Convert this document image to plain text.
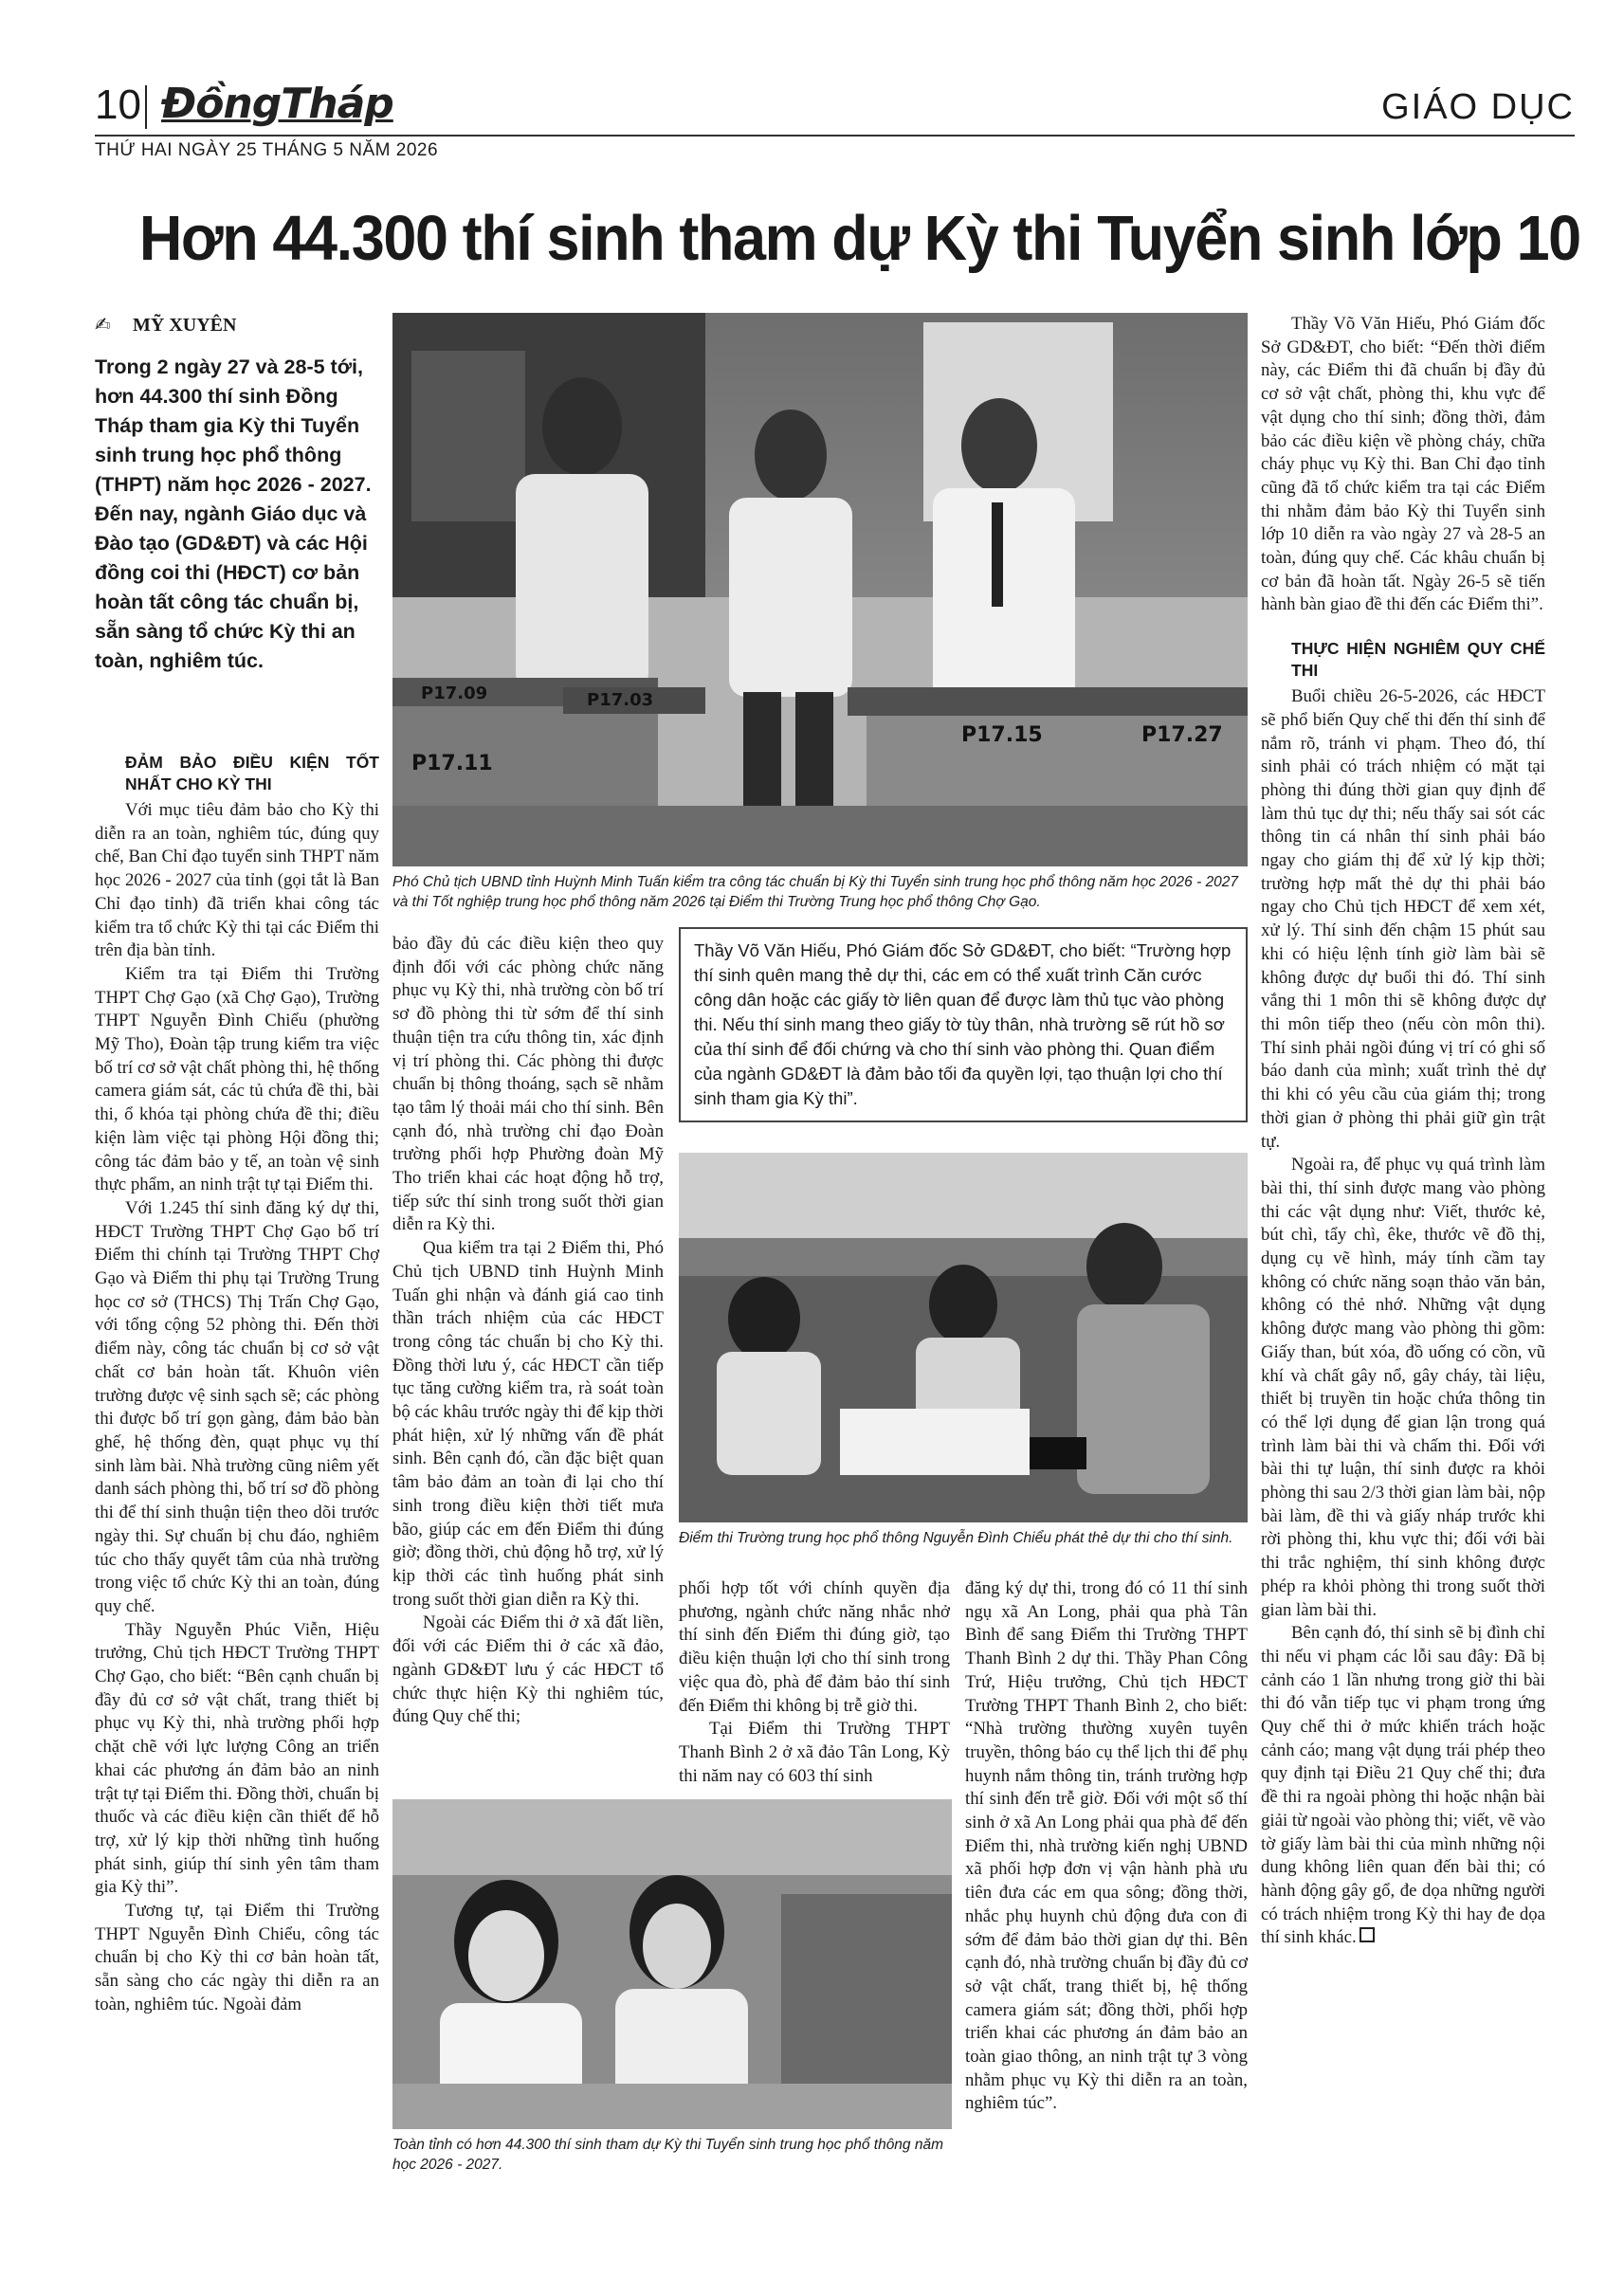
10 ĐồngTháp	GIÁO DỤC
THỨ HAI NGÀY 25 THÁNG 5 NĂM 2026
Hơn 44.300 thí sinh tham dự Kỳ thi Tuyển sinh lớp 10
✍ MỸ XUYÊN
Trong 2 ngày 27 và 28-5 tới, hơn 44.300 thí sinh Đồng Tháp tham gia Kỳ thi Tuyển sinh trung học phổ thông (THPT) năm học 2026 - 2027. Đến nay, ngành Giáo dục và Đào tạo (GD&ĐT) và các Hội đồng coi thi (HĐCT) cơ bản hoàn tất công tác chuẩn bị, sẵn sàng tổ chức Kỳ thi an toàn, nghiêm túc.
ĐẢM BẢO ĐIỀU KIỆN TỐT NHẤT CHO KỲ THI

Với mục tiêu đảm bảo cho Kỳ thi diễn ra an toàn, nghiêm túc, đúng quy chế, Ban Chỉ đạo tuyển sinh THPT năm học 2026 - 2027 của tỉnh (gọi tắt là Ban Chỉ đạo tỉnh) đã triển khai công tác kiểm tra tổ chức Kỳ thi tại các Điểm thi trên địa bàn tỉnh.

Kiểm tra tại Điểm thi Trường THPT Chợ Gạo (xã Chợ Gạo), Trường THPT Nguyễn Đình Chiểu (phường Mỹ Tho), Đoàn tập trung kiểm tra việc bố trí cơ sở vật chất phòng thi, hệ thống camera giám sát, các tủ chứa đề thi, bài thi, ổ khóa tại phòng chứa đề thi; điều kiện làm việc tại phòng Hội đồng thi; công tác đảm bảo y tế, an toàn vệ sinh thực phẩm, an ninh trật tự tại Điểm thi.

Với 1.245 thí sinh đăng ký dự thi, HĐCT Trường THPT Chợ Gạo bố trí Điểm thi chính tại Trường THPT Chợ Gạo và Điểm thi phụ tại Trường Trung học cơ sở (THCS) Thị Trấn Chợ Gạo, với tổng cộng 52 phòng thi. Đến thời điểm này, công tác chuẩn bị cơ sở vật chất cơ bản hoàn tất. Khuôn viên trường được vệ sinh sạch sẽ; các phòng thi được bố trí gọn gàng, đảm bảo bàn ghế, hệ thống đèn, quạt phục vụ thí sinh làm bài. Nhà trường cũng niêm yết danh sách phòng thi, bố trí sơ đồ phòng thi để thí sinh thuận tiện theo dõi trước ngày thi. Sự chuẩn bị chu đáo, nghiêm túc cho thấy quyết tâm của nhà trường trong việc tổ chức Kỳ thi an toàn, đúng quy chế.

Thầy Nguyễn Phúc Viễn, Hiệu trưởng, Chủ tịch HĐCT Trường THPT Chợ Gạo, cho biết: “Bên cạnh chuẩn bị đầy đủ cơ sở vật chất, trang thiết bị phục vụ Kỳ thi, nhà trường phối hợp chặt chẽ với lực lượng Công an triển khai các phương án đảm bảo an ninh trật tự tại Điểm thi. Đồng thời, chuẩn bị thuốc và các điều kiện cần thiết để hỗ trợ, xử lý kịp thời những tình huống phát sinh, giúp thí sinh yên tâm tham gia Kỳ thi”.

Tương tự, tại Điểm thi Trường THPT Nguyễn Đình Chiểu, công tác chuẩn bị cho Kỳ thi cơ bản hoàn tất, sẵn sàng cho các ngày thi diễn ra an toàn, nghiêm túc. Ngoài đảm

P17.09	P17.03
P17.11
P17.15	P17.27
Phó Chủ tịch UBND tỉnh Huỳnh Minh Tuấn kiểm tra công tác chuẩn bị Kỳ thi Tuyển sinh trung học phổ thông năm học 2026 - 2027 và thi Tốt nghiệp trung học phổ thông năm 2026 tại Điểm thi Trường Trung học phổ thông Chợ Gạo.

bảo đầy đủ các điều kiện theo quy định đối với các phòng chức năng phục vụ Kỳ thi, nhà trường còn bố trí sơ đồ phòng thi từ sớm để thí sinh thuận tiện tra cứu thông tin, xác định vị trí phòng thi. Các phòng thi được chuẩn bị thông thoáng, sạch sẽ nhằm tạo tâm lý thoải mái cho thí sinh. Bên cạnh đó, nhà trường chỉ đạo Đoàn trường phối hợp Phường đoàn Mỹ Tho triển khai các hoạt động hỗ trợ, tiếp sức thí sinh trong suốt thời gian diễn ra Kỳ thi.

Qua kiểm tra tại 2 Điểm thi, Phó Chủ tịch UBND tỉnh Huỳnh Minh Tuấn ghi nhận và đánh giá cao tinh thần trách nhiệm của các HĐCT trong công tác chuẩn bị cho Kỳ thi. Đồng thời lưu ý, các HĐCT cần tiếp tục tăng cường kiểm tra, rà soát toàn bộ các khâu trước ngày thi để kịp thời phát hiện, xử lý những vấn đề phát sinh. Bên cạnh đó, cần đặc biệt quan tâm bảo đảm an toàn đi lại cho thí sinh trong điều kiện thời tiết mưa bão, giúp các em đến Điểm thi đúng giờ; đồng thời, chủ động hỗ trợ, xử lý kịp thời các tình huống phát sinh trong suốt thời gian diễn ra Kỳ thi.

Ngoài các Điểm thi ở xã đất liền, đối với các Điểm thi ở các xã đảo, ngành GD&ĐT lưu ý các HĐCT tổ chức thực hiện Kỳ thi nghiêm túc, đúng Quy chế thi;

Thầy Võ Văn Hiếu, Phó Giám đốc Sở GD&ĐT, cho biết: “Trường hợp thí sinh quên mang thẻ dự thi, các em có thể xuất trình Căn cước công dân hoặc các giấy tờ liên quan để được làm thủ tục vào phòng thi. Nếu thí sinh mang theo giấy tờ tùy thân, nhà trường sẽ rút hồ sơ của thí sinh để đối chứng và cho thí sinh vào phòng thi. Quan điểm của ngành GD&ĐT là đảm bảo tối đa quyền lợi, tạo thuận lợi cho thí sinh tham gia Kỳ thi”.
Điểm thi Trường trung học phổ thông Nguyễn Đình Chiểu phát thẻ dự thi cho thí sinh.

phối hợp tốt với chính quyền địa phương, ngành chức năng nhắc nhở thí sinh đến Điểm thi đúng giờ, tạo điều kiện thuận lợi cho thí sinh trong việc qua đò, phà để đảm bảo thí sinh đến Điểm thi không bị trễ giờ thi.

Tại Điểm thi Trường THPT Thanh Bình 2 ở xã đảo Tân Long, Kỳ thi năm nay có 603 thí sinh

Toàn tỉnh có hơn 44.300 thí sinh tham dự Kỳ thi Tuyển sinh trung học phổ thông năm học 2026 - 2027.

đăng ký dự thi, trong đó có 11 thí sinh ngụ xã An Long, phải qua phà Tân Bình để sang Điểm thi Trường THPT Thanh Bình 2 dự thi. Thầy Phan Công Trứ, Hiệu trưởng, Chủ tịch HĐCT Trường THPT Thanh Bình 2, cho biết: “Nhà trường thường xuyên tuyên truyền, thông báo cụ thể lịch thi để phụ huynh nắm thông tin, tránh trường hợp thí sinh đến trễ giờ. Đối với một số thí sinh ở xã An Long phải qua phà để đến Điểm thi, nhà trường kiến nghị UBND xã phối hợp đơn vị vận hành phà ưu tiên đưa các em qua sông; đồng thời, nhắc phụ huynh chủ động đưa con đi sớm để đảm bảo thời gian dự thi. Bên cạnh đó, nhà trường chuẩn bị đầy đủ cơ sở vật chất, trang thiết bị, hệ thống camera giám sát; đồng thời, phối hợp triển khai các phương án đảm bảo an toàn giao thông, an ninh trật tự 3 vòng nhằm phục vụ Kỳ thi diễn ra an toàn, nghiêm túc”.

Thầy Võ Văn Hiếu, Phó Giám đốc Sở GD&ĐT, cho biết: “Đến thời điểm này, các Điểm thi đã chuẩn bị đầy đủ cơ sở vật chất, phòng thi, khu vực để vật dụng cho thí sinh; đồng thời, đảm bảo các điều kiện về phòng cháy, chữa cháy phục vụ Kỳ thi. Ban Chỉ đạo tỉnh cũng đã tổ chức kiểm tra tại các Điểm thi nhằm đảm bảo Kỳ thi Tuyển sinh lớp 10 diễn ra vào ngày 27 và 28-5 an toàn, đúng quy chế. Các khâu chuẩn bị cơ bản đã hoàn tất. Ngày 26-5 sẽ tiến hành bàn giao đề thi đến các Điểm thi”.

THỰC HIỆN NGHIÊM QUY CHẾ THI

Buổi chiều 26-5-2026, các HĐCT sẽ phổ biến Quy chế thi đến thí sinh để nắm rõ, tránh vi phạm. Theo đó, thí sinh phải có trách nhiệm có mặt tại phòng thi đúng thời gian quy định để làm thủ tục dự thi; nếu thấy sai sót các thông tin cá nhân thí sinh phải báo ngay cho giám thị để xử lý kịp thời; trường hợp mất thẻ dự thi phải báo ngay cho Chủ tịch HĐCT để xem xét, xử lý. Thí sinh đến chậm 15 phút sau khi có hiệu lệnh tính giờ làm bài sẽ không được dự buổi thi đó. Thí sinh vắng thi 1 môn thi sẽ không được dự thi môn tiếp theo (nếu còn môn thi). Thí sinh phải ngồi đúng vị trí có ghi số báo danh của mình; xuất trình thẻ dự thi khi có yêu cầu của giám thị; trong thời gian ở phòng thi phải giữ gìn trật tự.

Ngoài ra, để phục vụ quá trình làm bài thi, thí sinh được mang vào phòng thi các vật dụng như: Viết, thước kẻ, bút chì, tẩy chì, êke, thước vẽ đồ thị, dụng cụ vẽ hình, máy tính cầm tay không có chức năng soạn thảo văn bản, không có thẻ nhớ. Những vật dụng không được mang vào phòng thi gồm: Giấy than, bút xóa, đồ uống có cồn, vũ khí và chất gây nổ, gây cháy, tài liệu, thiết bị truyền tin hoặc chứa thông tin có thể lợi dụng để gian lận trong quá trình làm bài thi và chấm thi. Đối với bài thi tự luận, thí sinh được ra khỏi phòng thi sau 2/3 thời gian làm bài, nộp bài làm, đề thi và giấy nháp trước khi rời phòng thi, khu vực thi; đối với bài thi trắc nghiệm, thí sinh không được phép ra khỏi phòng thi trong suốt thời gian làm bài thi.

Bên cạnh đó, thí sinh sẽ bị đình chỉ thi nếu vi phạm các lỗi sau đây: Đã bị cảnh cáo 1 lần nhưng trong giờ thi bài thi đó vẫn tiếp tục vi phạm trong ứng Quy chế thi ở mức khiển trách hoặc cảnh cáo; mang vật dụng trái phép theo quy định tại Điều 21 Quy chế thi; đưa đề thi ra ngoài phòng thi hoặc nhận bài giải từ ngoài vào phòng thi; viết, vẽ vào tờ giấy làm bài thi của mình những nội dung không liên quan đến bài thi; có hành động gây gổ, đe dọa những người có trách nhiệm trong Kỳ thi hay đe dọa thí sinh khác.
